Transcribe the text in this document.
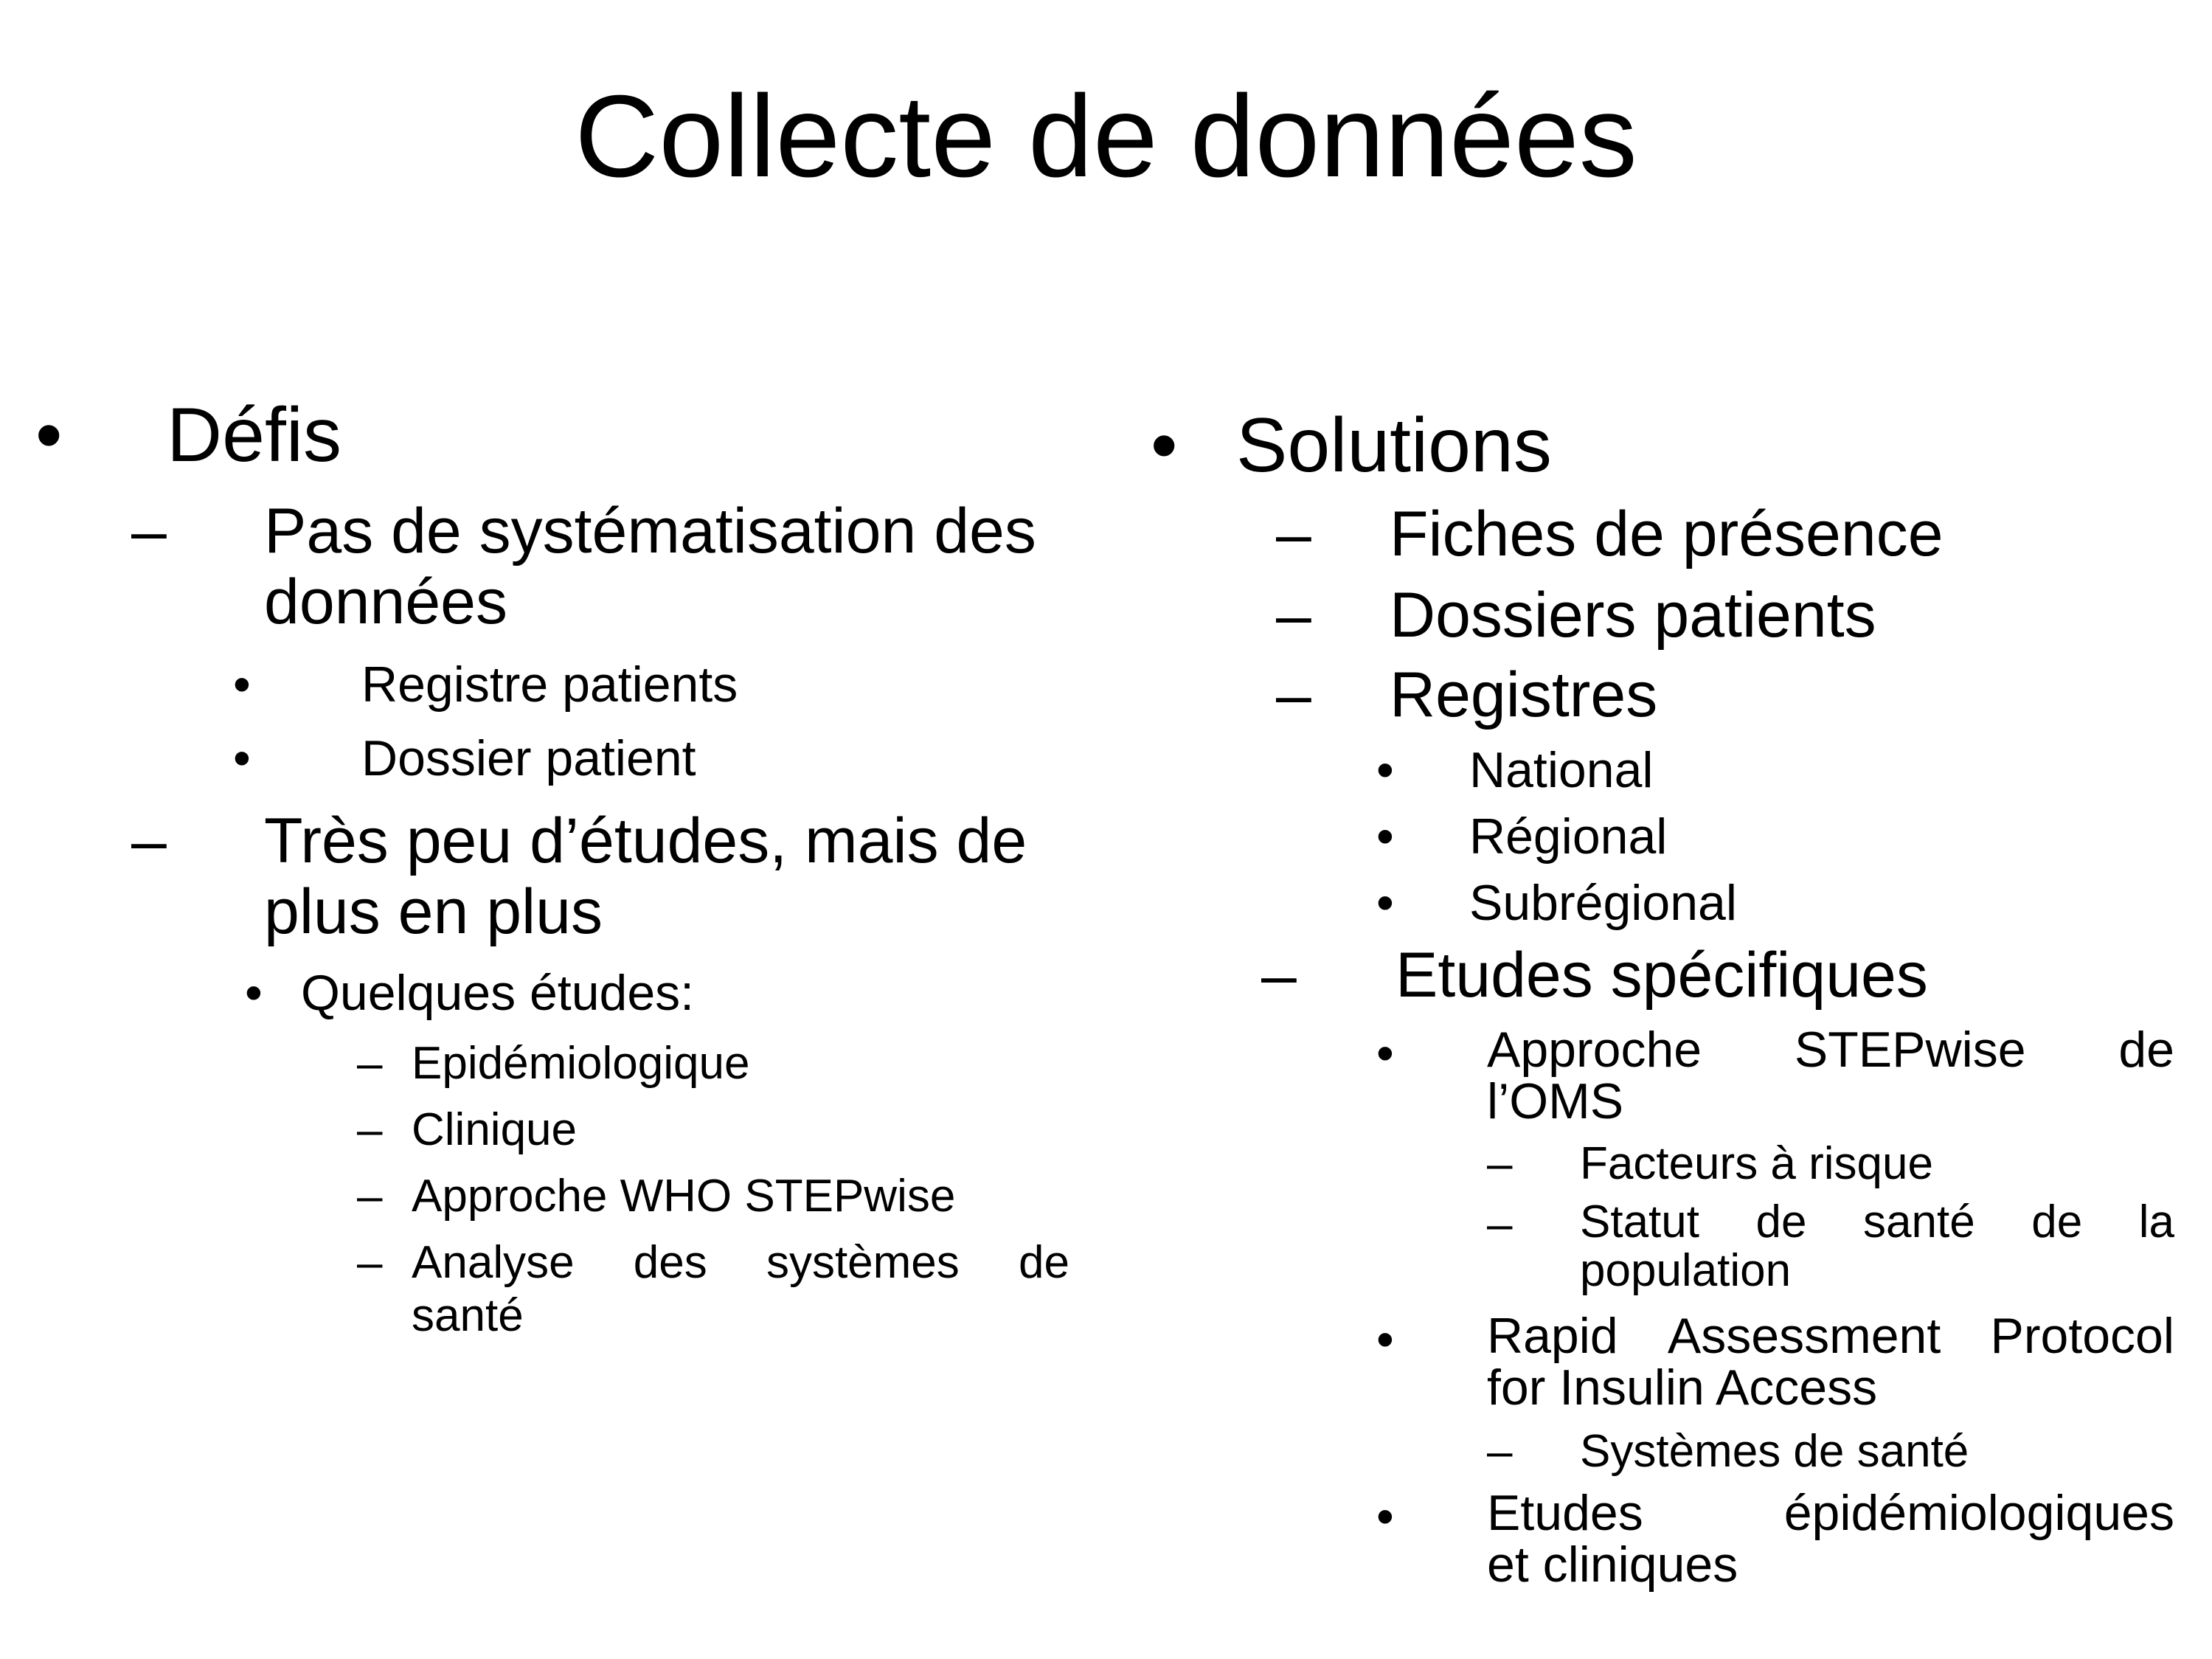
Collecte de données
• Défis
– Pas de systématisation des
données
• Registre patients
• Dossier patient
– Très peu d’études, mais de
plus en plus
• Quelques études:
– Epidémiologique
– Clinique
– Approche WHO STEPwise
– Analyse des systèmes de
santé
• Solutions
– Fiches de présence
– Dossiers patients
– Registres
• National
• Régional
• Subrégional
– Etudes spécifiques
• Approche STEPwise de
l’OMS
– Facteurs à risque
– Statut de santé de la
population
• Rapid Assessment Protocol
for Insulin Access
– Systèmes de santé
• Etudes	épidémiologiques
et cliniques
